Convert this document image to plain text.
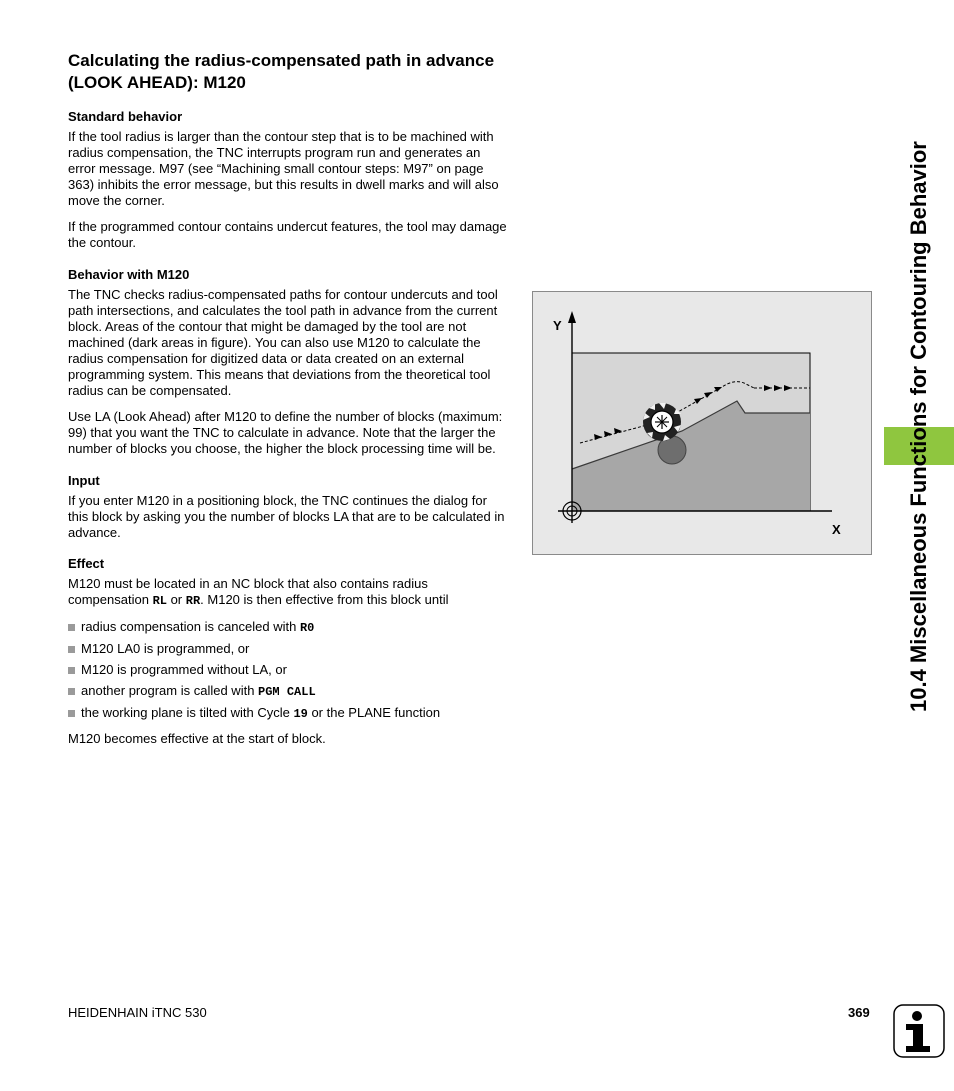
Calculating the radius-compensated path in advance (LOOK AHEAD): M120
Standard behavior

If the tool radius is larger than the contour step that is to be machined with radius compensation, the TNC interrupts program run and generates an error message. M97 (see “Machining small contour steps: M97” on page 363) inhibits the error message, but this results in dwell marks and will also move the corner.

If the programmed contour contains undercut features, the tool may damage the contour.

Behavior with M120

The TNC checks radius-compensated paths for contour undercuts and tool path intersections, and calculates the tool path in advance from the current block. Areas of the contour that might be damaged by the tool are not machined (dark areas in figure). You can also use M120 to calculate the radius compensation for digitized data or data created on an external programming system. This means that deviations from the theoretical tool radius can be compensated.

Use LA (Look Ahead) after M120 to define the number of blocks (maximum: 99) that you want the TNC to calculate in advance. Note that the larger the number of blocks you choose, the higher the block processing time will be.

Input

If you enter M120 in a positioning block, the TNC continues the dialog for this block by asking you the number of blocks LA that are to be calculated in advance.

Effect

M120 must be located in an NC block that also contains radius compensation RL or RR. M120 is then effective from this block until

radius compensation is canceled with R0
M120 LA0 is programmed, or
M120 is programmed without LA, or
another program is called with PGM CALL
the working plane is tilted with Cycle 19 or the PLANE function

M120 becomes effective at the start of block.

Y
X	10.4 Miscellaneous Functions for Contouring Behavior
HEIDENHAIN iTNC 530	369
